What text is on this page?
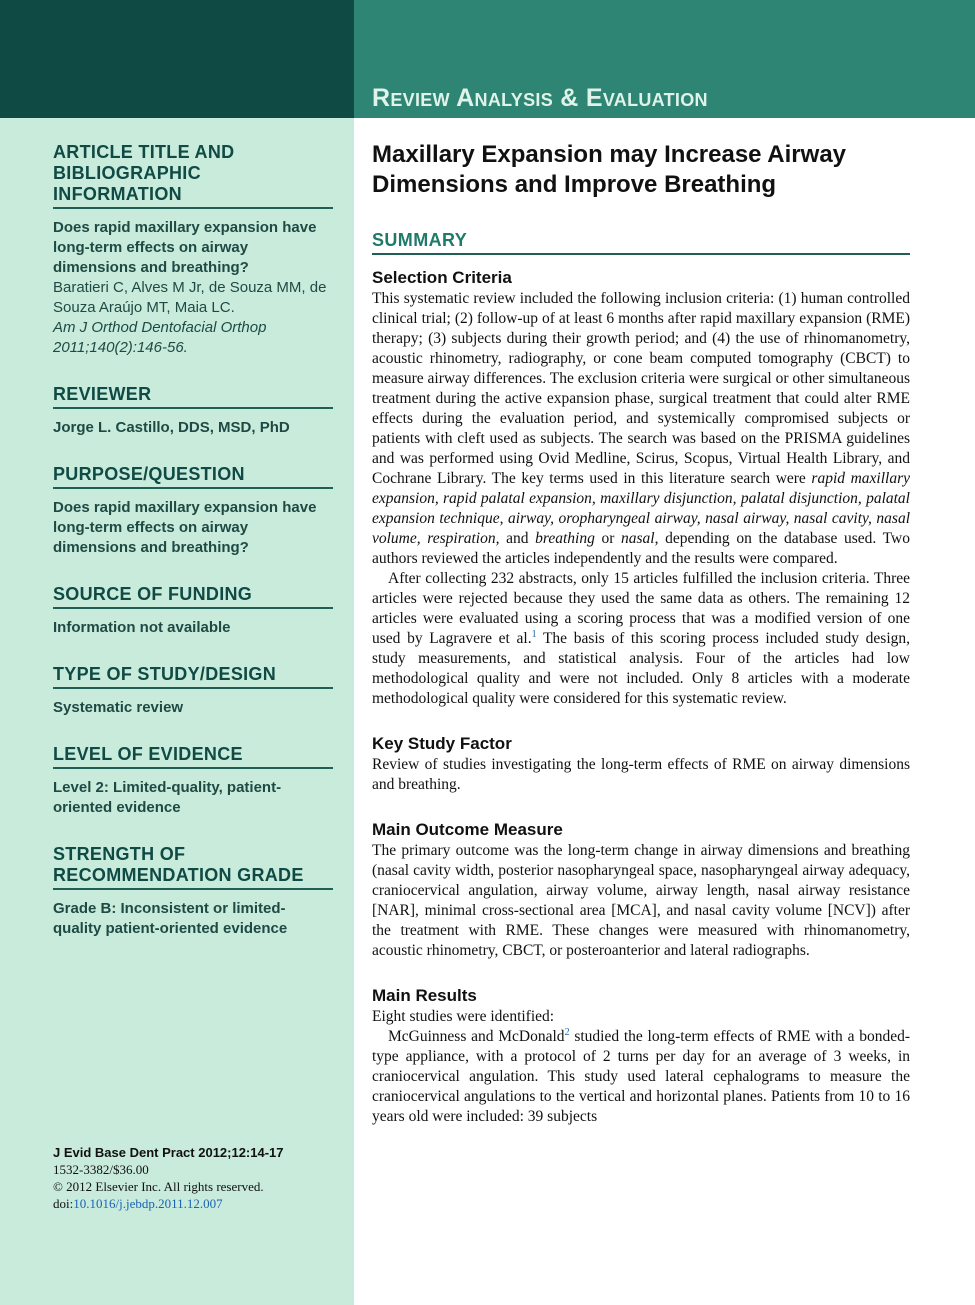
Review Analysis & Evaluation
ARTICLE TITLE AND BIBLIOGRAPHIC INFORMATION
Does rapid maxillary expansion have long-term effects on airway dimensions and breathing?
Baratieri C, Alves M Jr, de Souza MM, de Souza Araújo MT, Maia LC.
Am J Orthod Dentofacial Orthop 2011;140(2):146-56.
REVIEWER
Jorge L. Castillo, DDS, MSD, PhD
PURPOSE/QUESTION
Does rapid maxillary expansion have long-term effects on airway dimensions and breathing?
SOURCE OF FUNDING
Information not available
TYPE OF STUDY/DESIGN
Systematic review
LEVEL OF EVIDENCE
Level 2: Limited-quality, patient-oriented evidence
STRENGTH OF RECOMMENDATION GRADE
Grade B: Inconsistent or limited-quality patient-oriented evidence
J Evid Base Dent Pract 2012;12:14-17
1532-3382/$36.00
© 2012 Elsevier Inc. All rights reserved.
doi:10.1016/j.jebdp.2011.12.007
Maxillary Expansion may Increase Airway Dimensions and Improve Breathing
SUMMARY
Selection Criteria

This systematic review included the following inclusion criteria: (1) human controlled clinical trial; (2) follow-up of at least 6 months after rapid maxillary expansion (RME) therapy; (3) subjects during their growth period; and (4) the use of rhinomanometry, acoustic rhinometry, radiography, or cone beam computed tomography (CBCT) to measure airway differences. The exclusion criteria were surgical or other simultaneous treatment during the active expansion phase, surgical treatment that could alter RME effects during the evaluation period, and systemically compromised subjects or patients with cleft used as subjects. The search was based on the PRISMA guidelines and was performed using Ovid Medline, Scirus, Scopus, Virtual Health Library, and Cochrane Library. The key terms used in this literature search were rapid maxillary expansion, rapid palatal expansion, maxillary disjunction, palatal disjunction, palatal expansion technique, airway, oropharyngeal airway, nasal airway, nasal cavity, nasal volume, respiration, and breathing or nasal, depending on the database used. Two authors reviewed the articles independently and the results were compared.

After collecting 232 abstracts, only 15 articles fulfilled the inclusion criteria. Three articles were rejected because they used the same data as others. The remaining 12 articles were evaluated using a scoring process that was a modified version of one used by Lagravere et al.$^1$ The basis of this scoring process included study design, study measurements, and statistical analysis. Four of the articles had low methodological quality and were not included. Only 8 articles with a moderate methodological quality were considered for this systematic review.

Key Study Factor

Review of studies investigating the long-term effects of RME on airway dimensions and breathing.

Main Outcome Measure

The primary outcome was the long-term change in airway dimensions and breathing (nasal cavity width, posterior nasopharyngeal space, nasopharyngeal airway adequacy, craniocervical angulation, airway volume, airway length, nasal airway resistance [NAR], minimal cross-sectional area [MCA], and nasal cavity volume [NCV]) after the treatment with RME. These changes were measured with rhinomanometry, acoustic rhinometry, CBCT, or posteroanterior and lateral radiographs.

Main Results

Eight studies were identified:

McGuinness and McDonald$^2$ studied the long-term effects of RME with a bonded-type appliance, with a protocol of 2 turns per day for an average of 3 weeks, in craniocervical angulation. This study used lateral cephalograms to measure the craniocervical angulations to the vertical and horizontal planes. Patients from 10 to 16 years old were included: 39 subjects
